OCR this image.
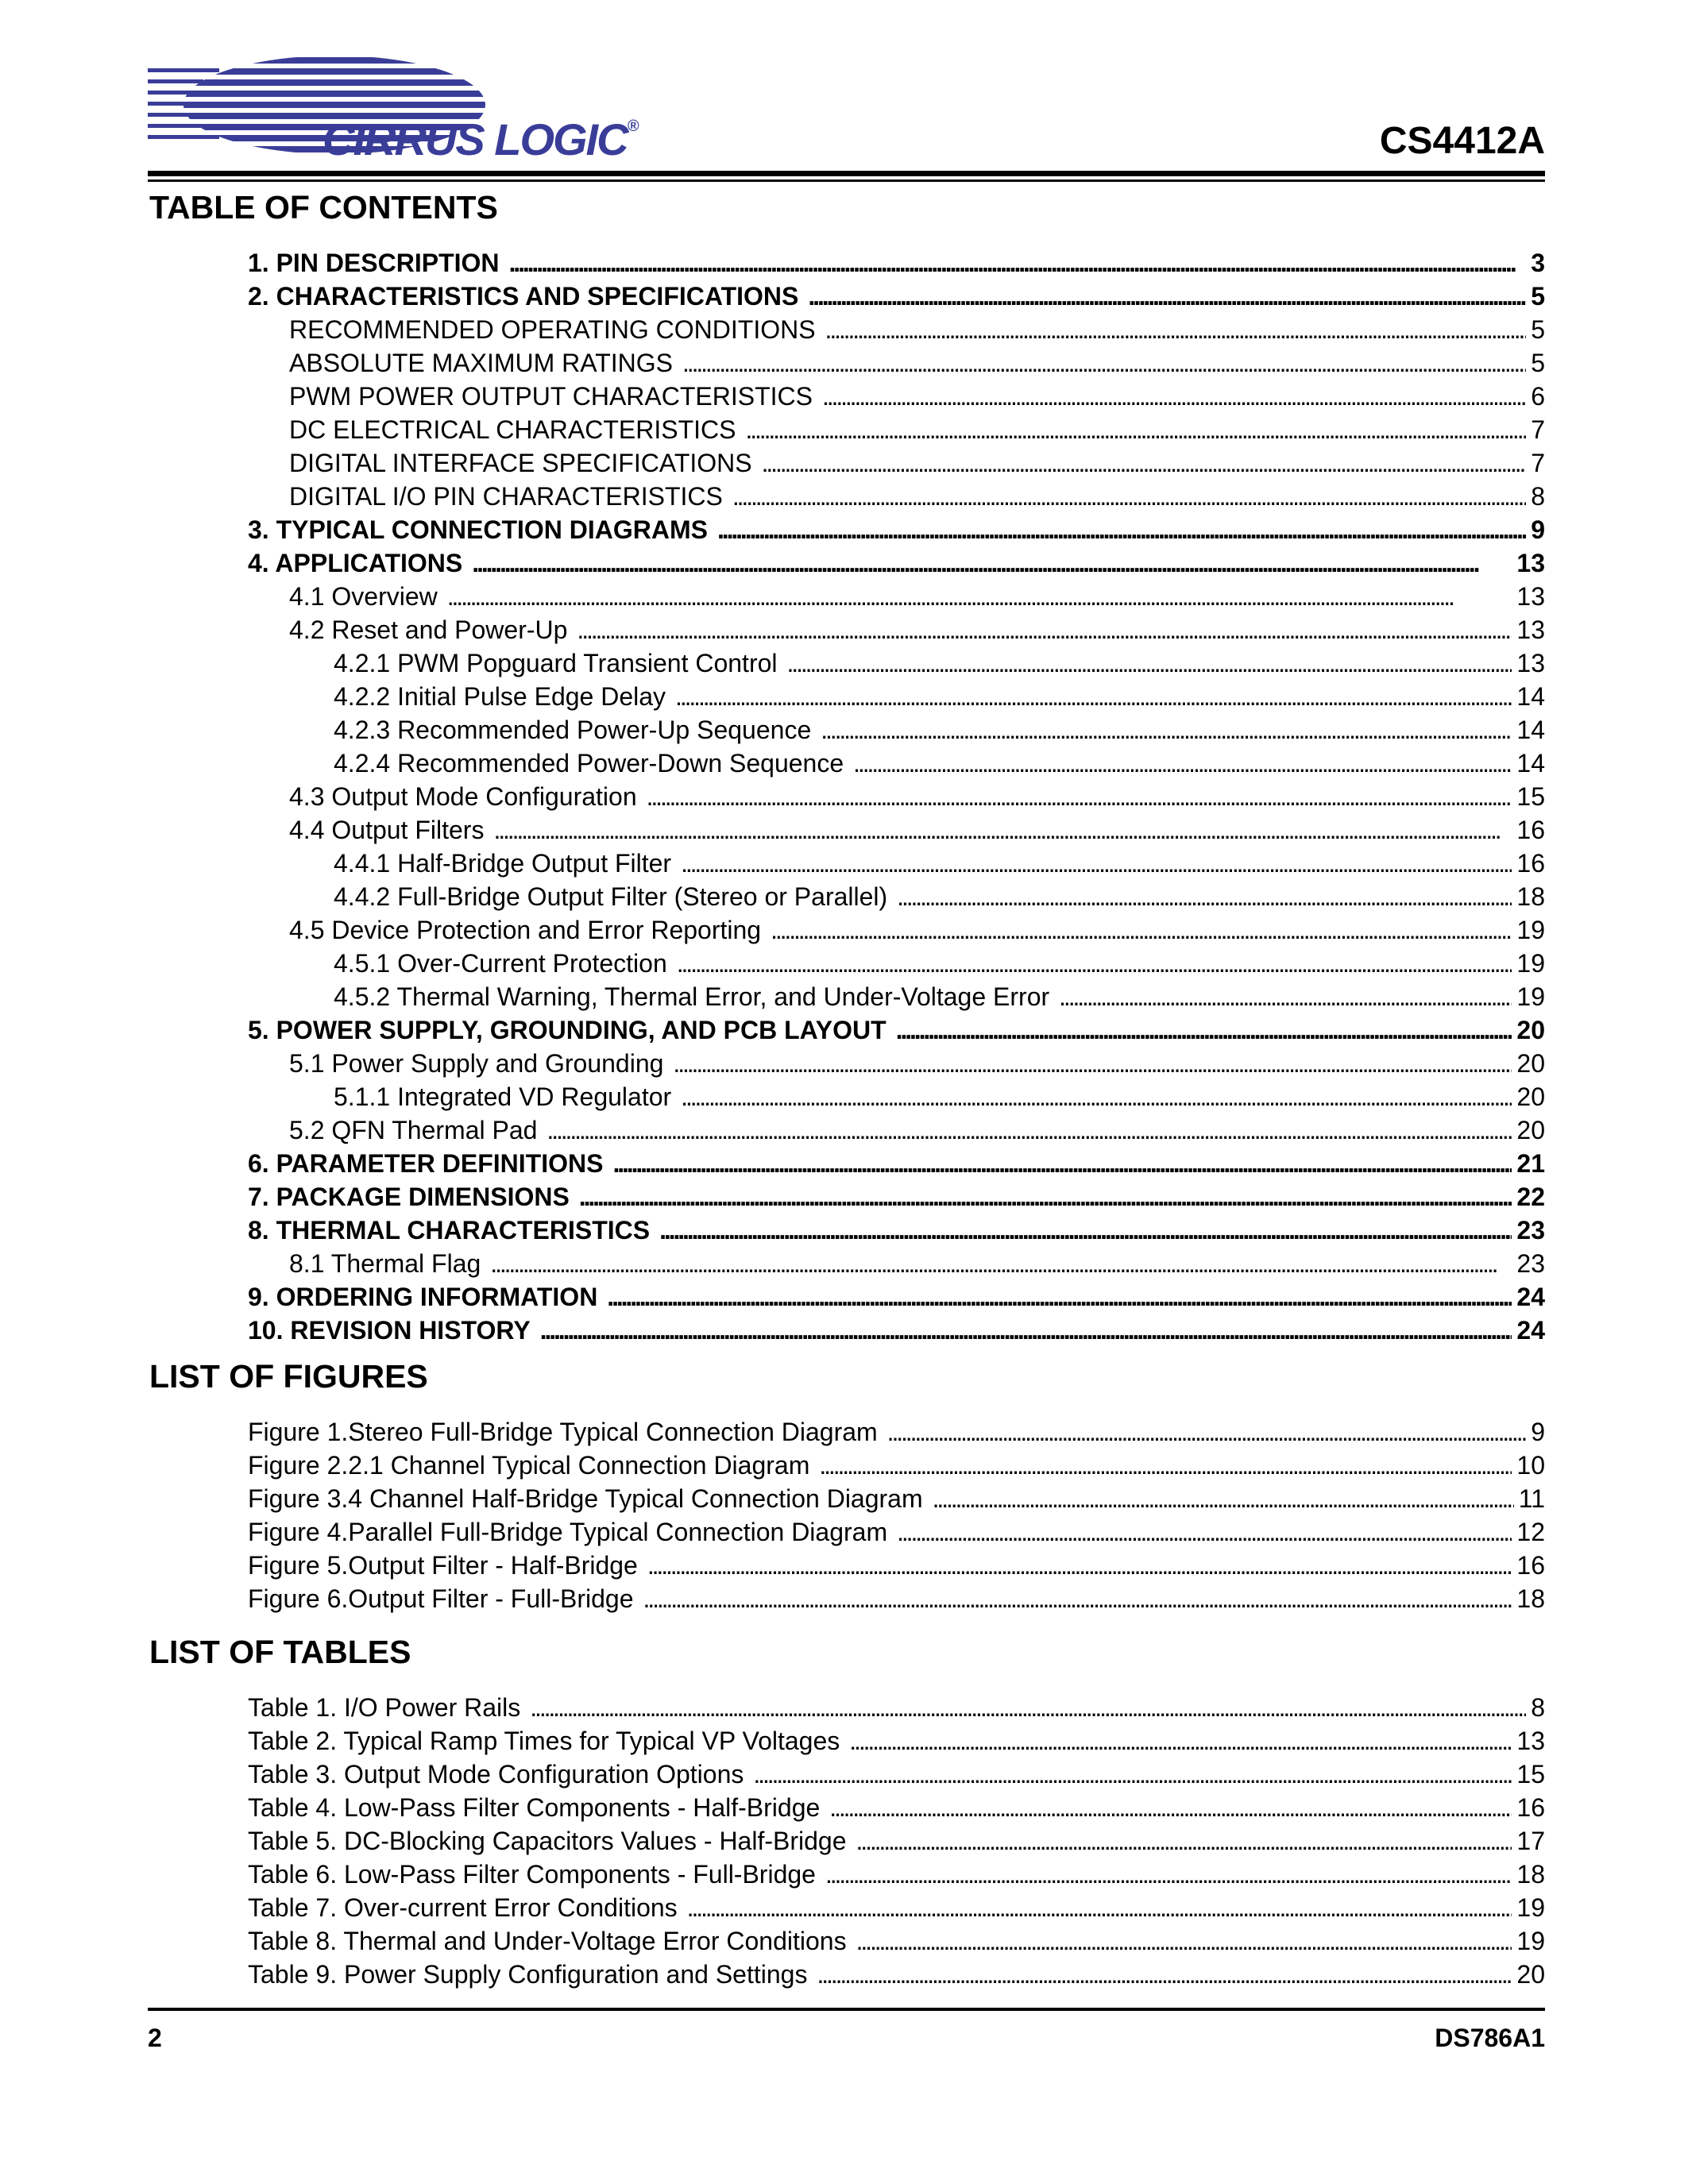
CIRRUS LOGIC®	CS4412A
TABLE OF CONTENTS
1. PIN DESCRIPTION . . .	3
2. CHARACTERISTICS AND SPECIFICATIONS . . .	5
RECOMMENDED OPERATING CONDITIONS . . .	5
ABSOLUTE MAXIMUM RATINGS . . .	5
PWM POWER OUTPUT CHARACTERISTICS . . .	6
DC ELECTRICAL CHARACTERISTICS . . .	7
DIGITAL INTERFACE SPECIFICATIONS . . .	7
DIGITAL I/O PIN CHARACTERISTICS . . .	8
3. TYPICAL CONNECTION DIAGRAMS . . .	9
4. APPLICATIONS . . .	13
4.1 Overview . . .	13
4.2 Reset and Power-Up . . .	13
4.2.1 PWM Popguard Transient Control . . .	13
4.2.2 Initial Pulse Edge Delay . . .	14
4.2.3 Recommended Power-Up Sequence . . .	14
4.2.4 Recommended Power-Down Sequence . . .	14
4.3 Output Mode Configuration . . .	15
4.4 Output Filters . . .	16
4.4.1 Half-Bridge Output Filter . . .	16
4.4.2 Full-Bridge Output Filter (Stereo or Parallel) . . .	18
4.5 Device Protection and Error Reporting . . .	19
4.5.1 Over-Current Protection . . .	19
4.5.2 Thermal Warning, Thermal Error, and Under-Voltage Error . . .	19
5. POWER SUPPLY, GROUNDING, AND PCB LAYOUT . . .	20
5.1 Power Supply and Grounding . . .	20
5.1.1 Integrated VD Regulator . . .	20
5.2 QFN Thermal Pad . . .	20
6. PARAMETER DEFINITIONS . . .	21
7. PACKAGE DIMENSIONS . . .	22
8. THERMAL CHARACTERISTICS . . .	23
8.1 Thermal Flag . . .	23
9. ORDERING INFORMATION . . .	24
10. REVISION HISTORY . . .	24
LIST OF FIGURES
Figure 1.Stereo Full-Bridge Typical Connection Diagram . . .	9
Figure 2.2.1 Channel Typical Connection Diagram . . .	10
Figure 3.4 Channel Half-Bridge Typical Connection Diagram . . .	11
Figure 4.Parallel Full-Bridge Typical Connection Diagram . . .	12
Figure 5.Output Filter - Half-Bridge . . .	16
Figure 6.Output Filter - Full-Bridge . . .	18
LIST OF TABLES
Table 1. I/O Power Rails . . .	8
Table 2. Typical Ramp Times for Typical VP Voltages . . .	13
Table 3. Output Mode Configuration Options . . .	15
Table 4. Low-Pass Filter Components - Half-Bridge . . .	16
Table 5. DC-Blocking Capacitors Values - Half-Bridge . . .	17
Table 6. Low-Pass Filter Components - Full-Bridge . . .	18
Table 7. Over-current Error Conditions . . .	19
Table 8. Thermal and Under-Voltage Error Conditions . . .	19
Table 9. Power Supply Configuration and Settings . . .	20
2	DS786A1
